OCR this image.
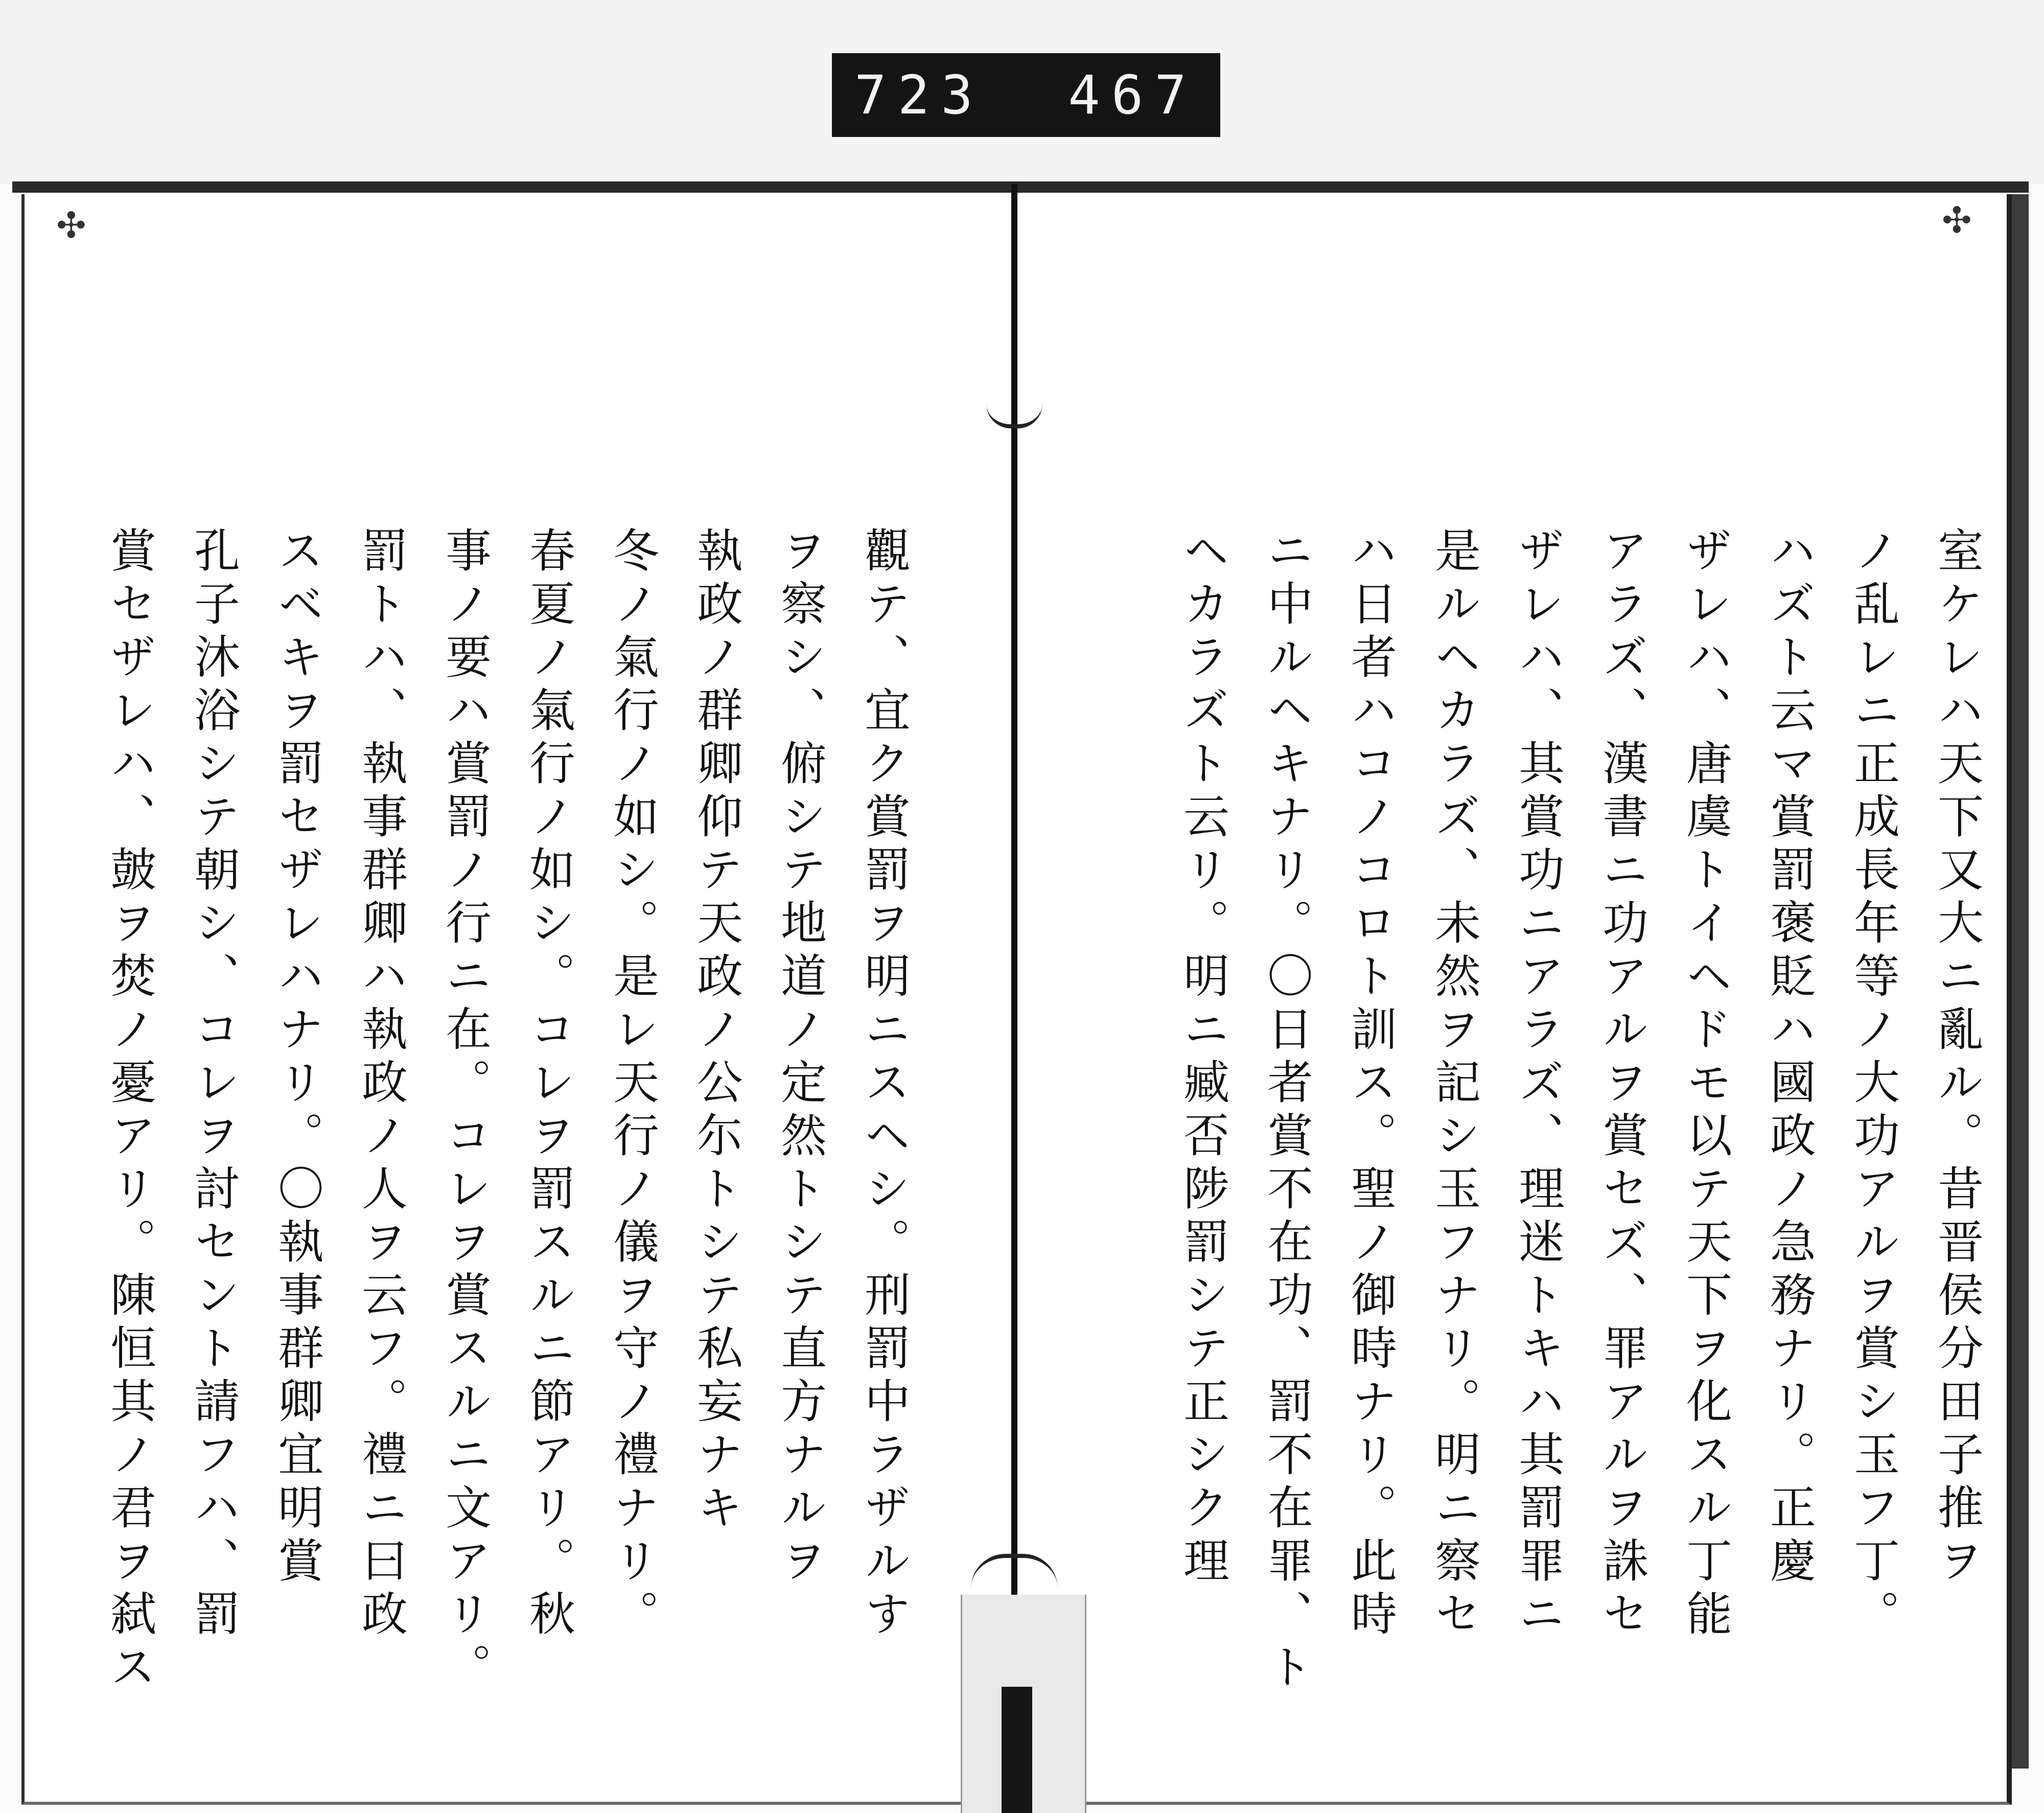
723 467
✣	✣
觀テ、宜ク賞罰ヲ明ニスヘシ。刑罰中ラザルす
ヲ察シ、俯シテ地道ノ定然トシテ直方ナルヲ
執政ノ群卿仰テ天政ノ公尓トシテ私妄ナキ
冬ノ氣行ノ如シ。是レ天行ノ儀ヲ守ノ禮ナリ。
春夏ノ氣行ノ如シ。コレヲ罰スルニ節アリ。秋
事ノ要ハ賞罰ノ行ニ在。コレヲ賞スルニ文アリ。
罰トハ、執事群卿ハ執政ノ人ヲ云フ。禮ニ曰政
スベキヲ罰セザレハナリ。〇執事群卿宜明賞
孔子沐浴シテ朝シ、コレヲ討セント請フハ、罰
賞セザレハ、皷ヲ焚ノ憂アリ。陳恒其ノ君ヲ弑ス	室ケレハ天下又大ニ亂ル。昔晋侯分田子推ヲ
ノ乱レニ正成長年等ノ大功アルヲ賞シ玉フ丁。
ハズト云マ賞罰褒貶ハ國政ノ急務ナリ。正慶
ザレハ、唐虞トイヘドモ以テ天下ヲ化スル丁能
アラズ、漢書ニ功アルヲ賞セズ、罪アルヲ誅セ
ザレハ、其賞功ニアラズ、理迷トキハ其罰罪ニ
是ルヘカラズ、未然ヲ記シ玉フナリ。明ニ察セ
ハ日者ハコノコロト訓ス。聖ノ御時ナリ。此時
ニ中ルヘキナリ。〇日者賞不在功、罰不在罪、ト
ヘカラズト云リ。明ニ臧否陟罰シテ正シク理
